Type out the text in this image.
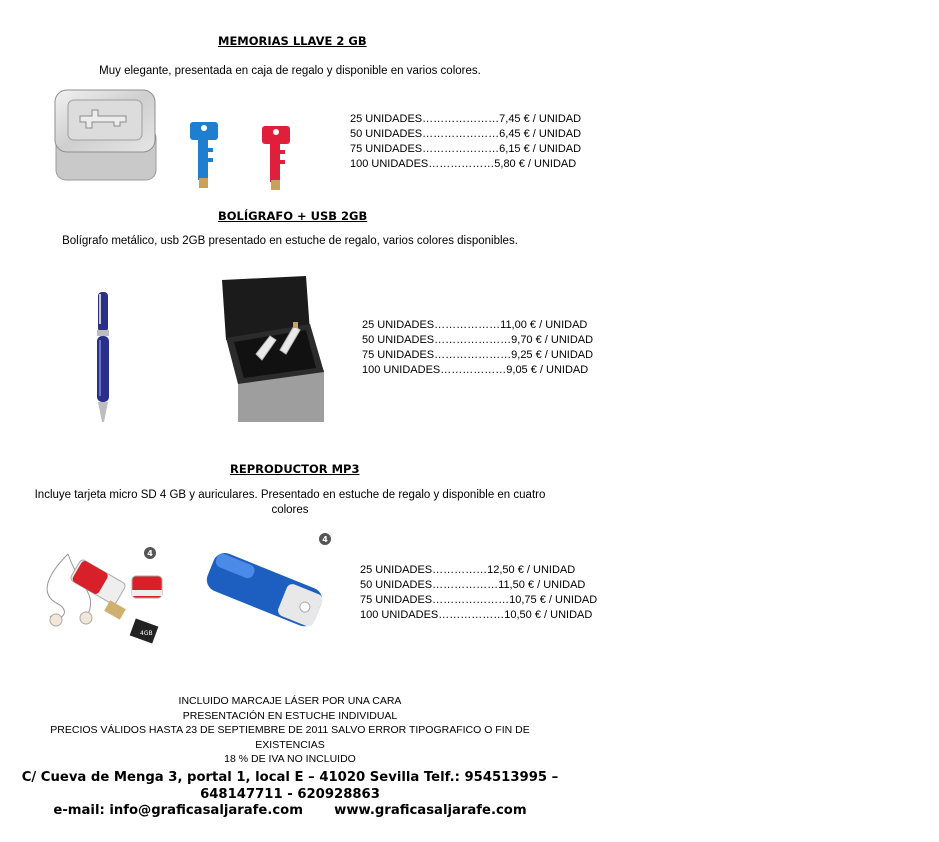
MEMORIAS LLAVE 2 GB
Muy elegante, presentada en caja de regalo y disponible en varios colores.
25 UNIDADES…………………7,45 € / UNIDAD
50 UNIDADES…………………6,45 € / UNIDAD
75 UNIDADES…………………6,15 € / UNIDAD
100 UNIDADES………………5,80 € / UNIDAD
BOLÍGRAFO + USB 2GB
Bolígrafo metálico, usb 2GB presentado en estuche de regalo, varios colores disponibles.
25 UNIDADES………………11,00 € / UNIDAD
50 UNIDADES…………………9,70 € / UNIDAD
75 UNIDADES…………………9,25 € / UNIDAD
100 UNIDADES………………9,05 € / UNIDAD
REPRODUCTOR MP3
Incluye tarjeta micro SD 4 GB y auriculares. Presentado en estuche de regalo y disponible en cuatro
colores
4
4GB
4
25 UNIDADES……………12,50 € / UNIDAD
50 UNIDADES………………11,50 € / UNIDAD
75 UNIDADES…………………10,75 € / UNIDAD
100 UNIDADES………………10,50 € / UNIDAD
INCLUIDO MARCAJE LÁSER POR UNA CARA
PRESENTACIÓN EN ESTUCHE INDIVIDUAL
PRECIOS VÁLIDOS HASTA 23 DE SEPTIEMBRE DE 2011 SALVO ERROR TIPOGRAFICO O FIN DE EXISTENCIAS
18 % DE IVA NO INCLUIDO
C/ Cueva de Menga 3, portal 1, local E – 41020 Sevilla Telf.: 954513995 –
648147711 - 620928863
e-mail: info@graficasaljarafe.com www.graficasaljarafe.com
